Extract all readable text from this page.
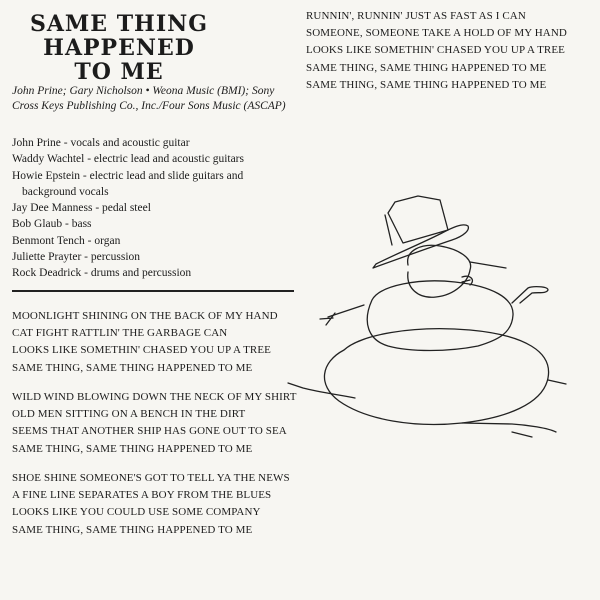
SAME THING
HAPPENED
TO ME
John Prine; Gary Nicholson • Weona Music (BMI); Sony
Cross Keys Publishing Co., Inc./Four Sons Music (ASCAP)
John Prine - vocals and acoustic guitar
Waddy Wachtel - electric lead and acoustic guitars
Howie Epstein - electric lead and slide guitars and
background vocals
Jay Dee Manness - pedal steel
Bob Glaub - bass
Benmont Tench - organ
Juliette Prayter - percussion
Rock Deadrick - drums and percussion
MOONLIGHT SHINING ON THE BACK OF MY HAND
CAT FIGHT RATTLIN' THE GARBAGE CAN
LOOKS LIKE SOMETHIN' CHASED YOU UP A TREE
SAME THING, SAME THING HAPPENED TO ME
WILD WIND BLOWING DOWN THE NECK OF MY SHIRT
OLD MEN SITTING ON A BENCH IN THE DIRT
SEEMS THAT ANOTHER SHIP HAS GONE OUT TO SEA
SAME THING, SAME THING HAPPENED TO ME
SHOE SHINE SOMEONE'S GOT TO TELL YA THE NEWS
A FINE LINE SEPARATES A BOY FROM THE BLUES
LOOKS LIKE YOU COULD USE SOME COMPANY
SAME THING, SAME THING HAPPENED TO ME
RUNNIN', RUNNIN' JUST AS FAST AS I CAN
SOMEONE, SOMEONE TAKE A HOLD OF MY HAND
LOOKS LIKE SOMETHIN' CHASED YOU UP A TREE
SAME THING, SAME THING HAPPENED TO ME
SAME THING, SAME THING HAPPENED TO ME
